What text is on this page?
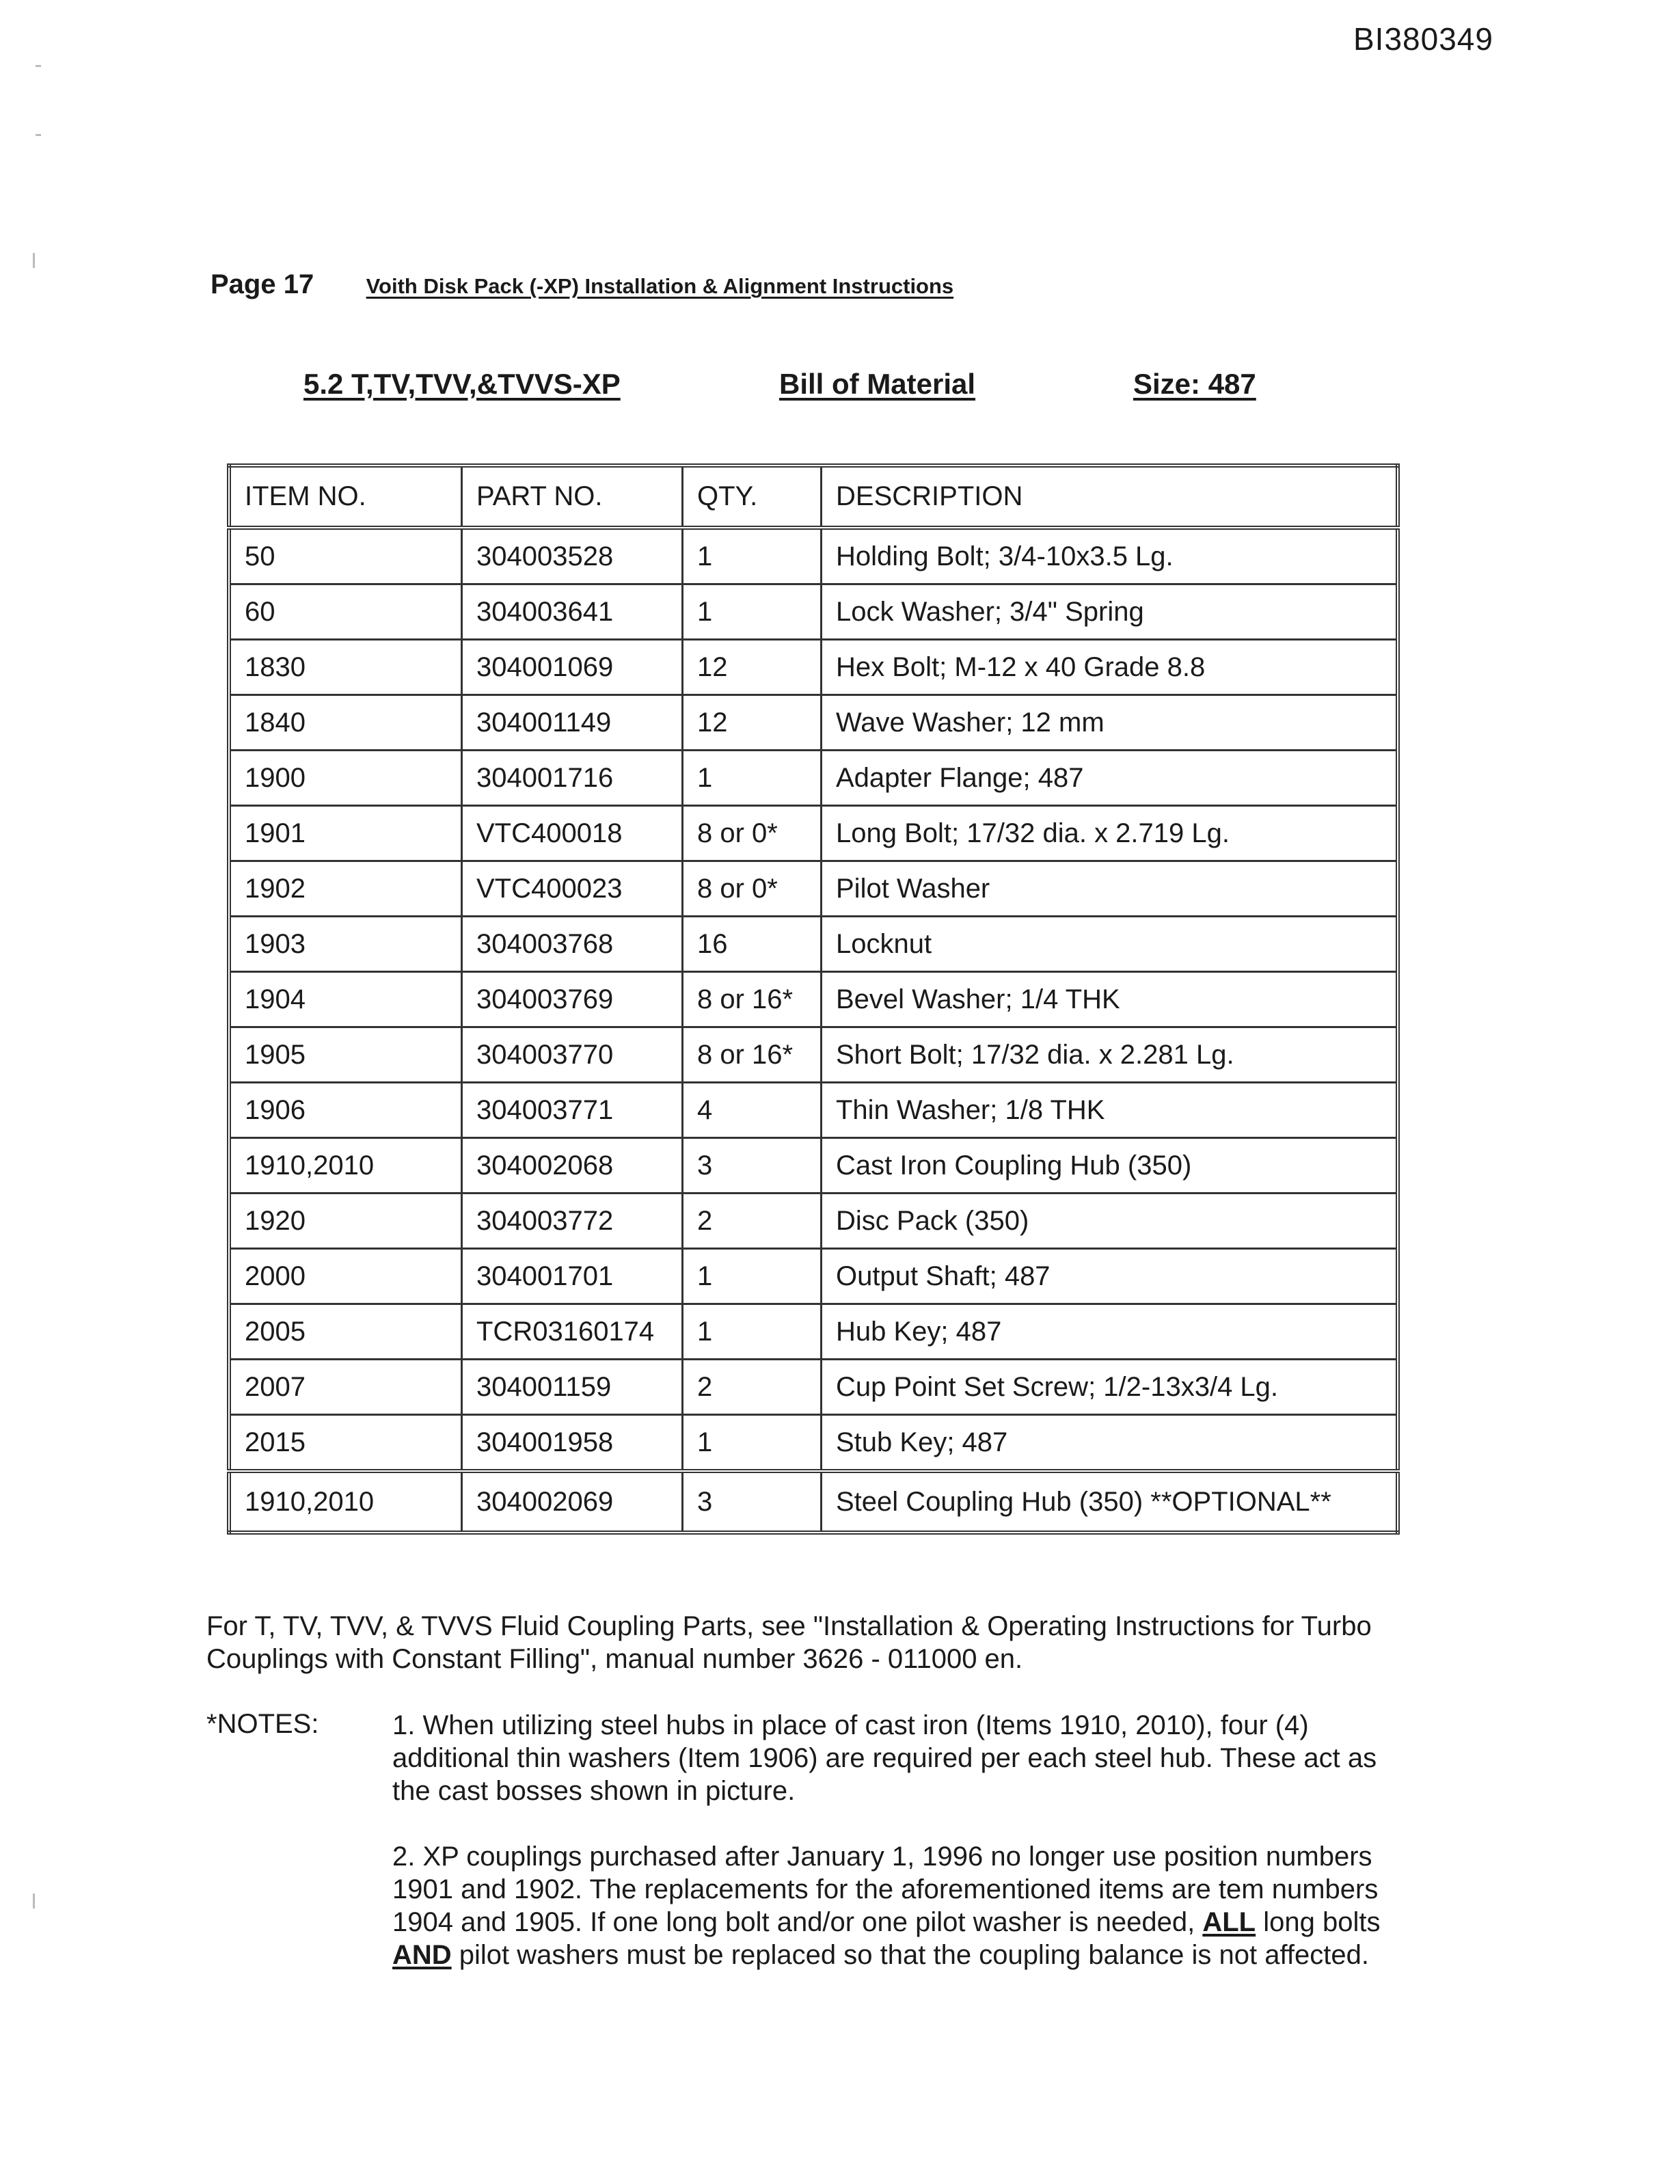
BI380349
Page 17 Voith Disk Pack (-XP) Installation & Alignment Instructions
5.2 T,TV,TVV,&TVVS-XP	Bill of Material	Size: 487
ITEM NO.	PART NO.	QTY.	DESCRIPTION
50	304003528	1	Holding Bolt; 3/4-10x3.5 Lg.
60	304003641	1	Lock Washer; 3/4" Spring
1830	304001069	12	Hex Bolt; M-12 x 40 Grade 8.8
1840	304001149	12	Wave Washer; 12 mm
1900	304001716	1	Adapter Flange; 487
1901	VTC400018	8 or 0*	Long Bolt; 17/32 dia. x 2.719 Lg.
1902	VTC400023	8 or 0*	Pilot Washer
1903	304003768	16	Locknut
1904	304003769	8 or 16*	Bevel Washer; 1/4 THK
1905	304003770	8 or 16*	Short Bolt; 17/32 dia. x 2.281 Lg.
1906	304003771	4	Thin Washer; 1/8 THK
1910,2010	304002068	3	Cast Iron Coupling Hub (350)
1920	304003772	2	Disc Pack (350)
2000	304001701	1	Output Shaft; 487
2005	TCR03160174	1	Hub Key; 487
2007	304001159	2	Cup Point Set Screw; 1/2-13x3/4 Lg.
2015	304001958	1	Stub Key; 487
1910,2010	304002069	3	Steel Coupling Hub (350) **OPTIONAL**
For T, TV, TVV, & TVVS Fluid Coupling Parts, see "Installation & Operating Instructions for Turbo Couplings with Constant Filling", manual number 3626 - 011000 en.
*NOTES:	1. When utilizing steel hubs in place of cast iron (Items 1910, 2010), four (4) additional thin washers (Item 1906) are required per each steel hub. These act as the cast bosses shown in picture.
2. XP couplings purchased after January 1, 1996 no longer use position numbers 1901 and 1902. The replacements for the aforementioned items are tem numbers 1904 and 1905. If one long bolt and/or one pilot washer is needed, ALL long bolts AND pilot washers must be replaced so that the coupling balance is not affected.
